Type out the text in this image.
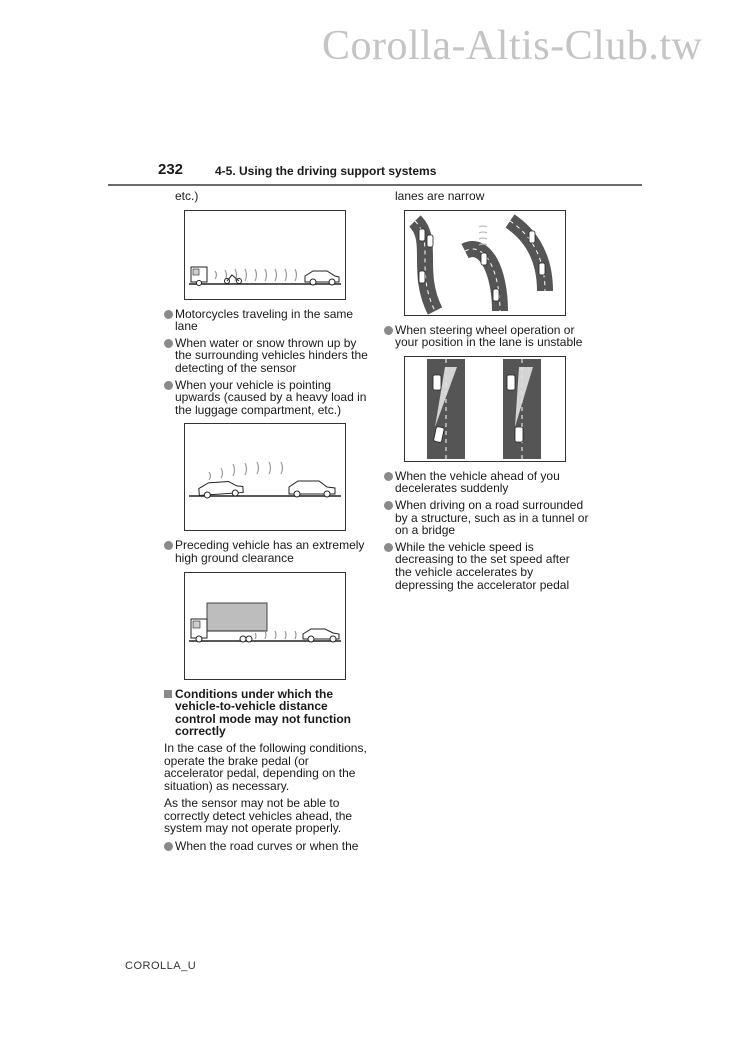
Corolla-Altis-Club.tw
232	4-5. Using the driving support systems

etc.)

Motorcycles traveling in the same lane

When water or snow thrown up by the surrounding vehicles hinders the detecting of the sensor

When your vehicle is pointing upwards (caused by a heavy load in the luggage compartment, etc.)

Preceding vehicle has an extremely high ground clearance

Conditions under which the vehicle-to-vehicle distance control mode may not function correctly

In the case of the following conditions, operate the brake pedal (or accelerator pedal, depending on the situation) as necessary.

As the sensor may not be able to correctly detect vehicles ahead, the system may not operate properly.

When the road curves or when the

lanes are narrow

When steering wheel operation or your position in the lane is unstable

When the vehicle ahead of you decelerates suddenly

When driving on a road surrounded by a structure, such as in a tunnel or on a bridge

While the vehicle speed is decreasing to the set speed after the vehicle accelerates by depressing the accelerator pedal

COROLLA_U
